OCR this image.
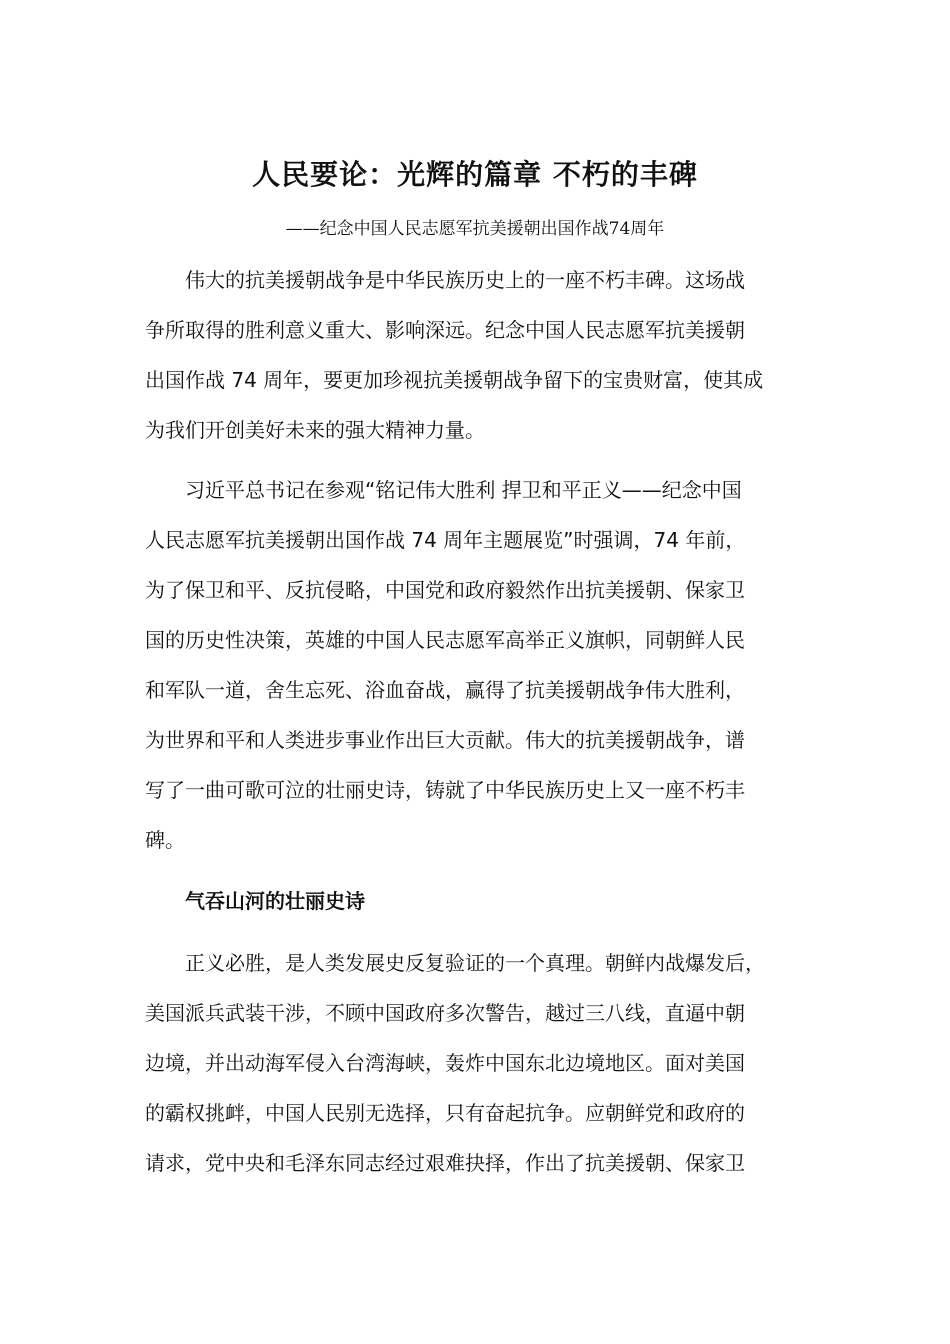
人民要论：光辉的篇章 不朽的丰碑

——纪念中国人民志愿军抗美援朝出国作战74周年

伟大的抗美援朝战争是中华民族历史上的一座不朽丰碑。这场战
争所取得的胜利意义重大、影响深远。纪念中国人民志愿军抗美援朝
出国作战 74 周年，要更加珍视抗美援朝战争留下的宝贵财富，使其成
为我们开创美好未来的强大精神力量。

习近平总书记在参观“铭记伟大胜利 捍卫和平正义——纪念中国
人民志愿军抗美援朝出国作战 74 周年主题展览”时强调，74 年前，
为了保卫和平、反抗侵略，中国党和政府毅然作出抗美援朝、保家卫
国的历史性决策，英雄的中国人民志愿军高举正义旗帜，同朝鲜人民
和军队一道，舍生忘死、浴血奋战，赢得了抗美援朝战争伟大胜利，
为世界和平和人类进步事业作出巨大贡献。伟大的抗美援朝战争，谱
写了一曲可歌可泣的壮丽史诗，铸就了中华民族历史上又一座不朽丰
碑。

气吞山河的壮丽史诗

正义必胜，是人类发展史反复验证的一个真理。朝鲜内战爆发后，
美国派兵武装干涉，不顾中国政府多次警告，越过三八线，直逼中朝
边境，并出动海军侵入台湾海峡，轰炸中国东北边境地区。面对美国
的霸权挑衅，中国人民别无选择，只有奋起抗争。应朝鲜党和政府的
请求，党中央和毛泽东同志经过艰难抉择，作出了抗美援朝、保家卫
